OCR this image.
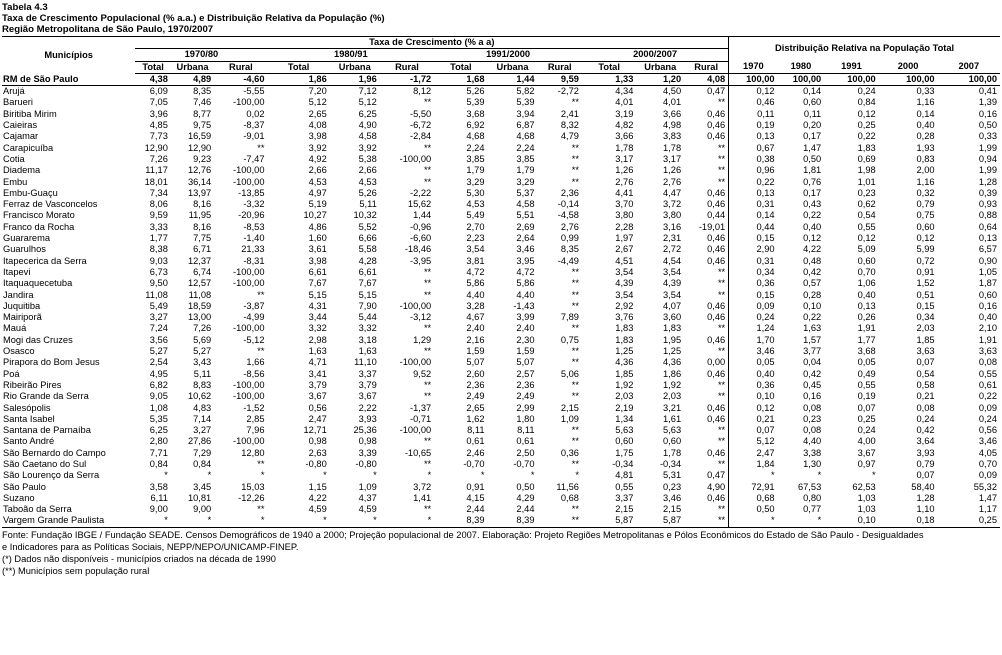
Tabela 4.3
Taxa de Crescimento Populacional (% a.a.) e Distribuição Relativa da População (%)
Região Metropolitana de São Paulo, 1970/2007
Municípios	Taxa de Crescimento (% a a)												Distribuição Relativa na População Total				
	1970/80			1980/91			1991/2000			2000/2007							
	Total	Urbana	Rural	Total	Urbana	Rural	Total	Urbana	Rural	Total	Urbana	Rural	1970	1980	1991	2000	2007
RM de São Paulo	4,38	4,89	-4,60	1,86	1,96	-1,72	1,68	1,44	9,59	1,33	1,20	4,08	100,00	100,00	100,00	100,00	100,00
Arujá	6,09	8,35	-5,55	7,20	7,12	8,12	5,26	5,82	-2,72	4,34	4,50	0,47	0,12	0,14	0,24	0,33	0,41
Barueri	7,05	7,46	-100,00	5,12	5,12	**	5,39	5,39	**	4,01	4,01	**	0,46	0,60	0,84	1,16	1,39
Biritiba Mirim	3,96	8,77	0,02	2,65	6,25	-5,50	3,68	3,94	2,41	3,19	3,66	0,46	0,11	0,11	0,12	0,14	0,16
Caieiras	4,85	9,75	-8,37	4,08	4,90	-6,72	6,92	6,87	8,32	4,82	4,98	0,46	0,19	0,20	0,25	0,40	0,50
Cajamar	7,73	16,59	-9,01	3,98	4,58	-2,84	4,68	4,68	4,79	3,66	3,83	0,46	0,13	0,17	0,22	0,28	0,33
Carapicuíba	12,90	12,90	**	3,92	3,92	**	2,24	2,24	**	1,78	1,78	**	0,67	1,47	1,83	1,93	1,99
Cotia	7,26	9,23	-7,47	4,92	5,38	-100,00	3,85	3,85	**	3,17	3,17	**	0,38	0,50	0,69	0,83	0,94
Diadema	11,17	12,76	-100,00	2,66	2,66	**	1,79	1,79	**	1,26	1,26	**	0,96	1,81	1,98	2,00	1,99
Embu	18,01	36,14	-100,00	4,53	4,53	**	3,29	3,29	**	2,76	2,76	**	0,22	0,76	1,01	1,16	1,28
Embu-Guaçu	7,34	13,97	-13,85	4,97	5,26	-2,22	5,30	5,37	2,36	4,41	4,47	0,46	0,13	0,17	0,23	0,32	0,39
Ferraz de Vasconcelos	8,06	8,16	-3,32	5,19	5,11	15,62	4,53	4,58	-0,14	3,70	3,72	0,46	0,31	0,43	0,62	0,79	0,93
Francisco Morato	9,59	11,95	-20,96	10,27	10,32	1,44	5,49	5,51	-4,58	3,80	3,80	0,44	0,14	0,22	0,54	0,75	0,88
Franco da Rocha	3,33	8,16	-8,53	4,86	5,52	-0,96	2,70	2,69	2,76	2,28	3,16	-19,01	0,44	0,40	0,55	0,60	0,64
Guararema	1,77	7,75	-1,40	1,60	6,66	-6,60	2,23	2,64	0,99	1,97	2,31	0,46	0,15	0,12	0,12	0,12	0,13
Guarulhos	8,38	6,71	21,33	3,61	5,58	-18,46	3,54	3,46	8,35	2,67	2,72	0,46	2,90	4,22	5,09	5,99	6,57
Itapecerica da Serra	9,03	12,37	-8,31	3,98	4,28	-3,95	3,81	3,95	-4,49	4,51	4,54	0,46	0,31	0,48	0,60	0,72	0,90
Itapevi	6,73	6,74	-100,00	6,61	6,61	**	4,72	4,72	**	3,54	3,54	**	0,34	0,42	0,70	0,91	1,05
Itaquaquecetuba	9,50	12,57	-100,00	7,67	7,67	**	5,86	5,86	**	4,39	4,39	**	0,36	0,57	1,06	1,52	1,87
Jandira	11,08	11,08	**	5,15	5,15	**	4,40	4,40	**	3,54	3,54	**	0,15	0,28	0,40	0,51	0,60
Juquitiba	5,49	18,59	-3,87	4,31	7,90	-100,00	3,28	-1,43	**	2,92	4,07	0,46	0,09	0,10	0,13	0,15	0,16
Mairiporã	3,27	13,00	-4,99	3,44	5,44	-3,12	4,67	3,99	7,89	3,76	3,60	0,46	0,24	0,22	0,26	0,34	0,40
Mauá	7,24	7,26	-100,00	3,32	3,32	**	2,40	2,40	**	1,83	1,83	**	1,24	1,63	1,91	2,03	2,10
Mogi das Cruzes	3,56	5,69	-5,12	2,98	3,18	1,29	2,16	2,30	0,75	1,83	1,95	0,46	1,70	1,57	1,77	1,85	1,91
Osasco	5,27	5,27	**	1,63	1,63	**	1,59	1,59	**	1,25	1,25	**	3,46	3,77	3,68	3,63	3,63
Pirapora do Bom Jesus	2,54	3,43	1,66	4,71	11,10	-100,00	5,07	5,07	**	4,36	4,36	0,00	0,05	0,04	0,05	0,07	0,08
Poá	4,95	5,11	-8,56	3,41	3,37	9,52	2,60	2,57	5,06	1,85	1,86	0,46	0,40	0,42	0,49	0,54	0,55
Ribeirão Pires	6,82	8,83	-100,00	3,79	3,79	**	2,36	2,36	**	1,92	1,92	**	0,36	0,45	0,55	0,58	0,61
Rio Grande da Serra	9,05	10,62	-100,00	3,67	3,67	**	2,49	2,49	**	2,03	2,03	**	0,10	0,16	0,19	0,21	0,22
Salesópolis	1,08	4,83	-1,52	0,56	2,22	-1,37	2,65	2,99	2,15	2,19	3,21	0,46	0,12	0,08	0,07	0,08	0,09
Santa Isabel	5,35	7,14	2,85	2,47	3,93	-0,71	1,62	1,80	1,09	1,34	1,61	0,46	0,21	0,23	0,25	0,24	0,24
Santana de Parnaíba	6,25	3,27	7,96	12,71	25,36	-100,00	8,11	8,11	**	5,63	5,63	**	0,07	0,08	0,24	0,42	0,56
Santo André	2,80	27,86	-100,00	0,98	0,98	**	0,61	0,61	**	0,60	0,60	**	5,12	4,40	4,00	3,64	3,46
São Bernardo do Campo	7,71	7,29	12,80	2,63	3,39	-10,65	2,46	2,50	0,36	1,75	1,78	0,46	2,47	3,38	3,67	3,93	4,05
São Caetano do Sul	0,84	0,84	**	-0,80	-0,80	**	-0,70	-0,70	**	-0,34	-0,34	**	1,84	1,30	0,97	0,79	0,70
São Lourenço da Serra	*	*	*	*	*	*	*	*	*	4,81	5,31	0,47	*	*	*	0,07	0,09
São Paulo	3,58	3,45	15,03	1,15	1,09	3,72	0,91	0,50	11,56	0,55	0,23	4,90	72,91	67,53	62,53	58,40	55,32
Suzano	6,11	10,81	-12,26	4,22	4,37	1,41	4,15	4,29	0,68	3,37	3,46	0,46	0,68	0,80	1,03	1,28	1,47
Taboão da Serra	9,00	9,00	**	4,59	4,59	**	2,44	2,44	**	2,15	2,15	**	0,50	0,77	1,03	1,10	1,17
Vargem Grande Paulista	*	*	*	*	*	*	8,39	8,39	**	5,87	5,87	**	*	*	0,10	0,18	0,25
Fonte: Fundação IBGE / Fundação SEADE. Censos Demográficos de 1940 a 2000; Projeção populacional de 2007. Elaboração: Projeto Regiões Metropolitanas e Pólos Econômicos do Estado de São Paulo - Desigualdades
e Indicadores para as Políticas Sociais, NEPP/NEPO/UNICAMP-FINEP.
(*) Dados não disponíveis - municípios criados na década de 1990
(**) Municípios sem população rural
